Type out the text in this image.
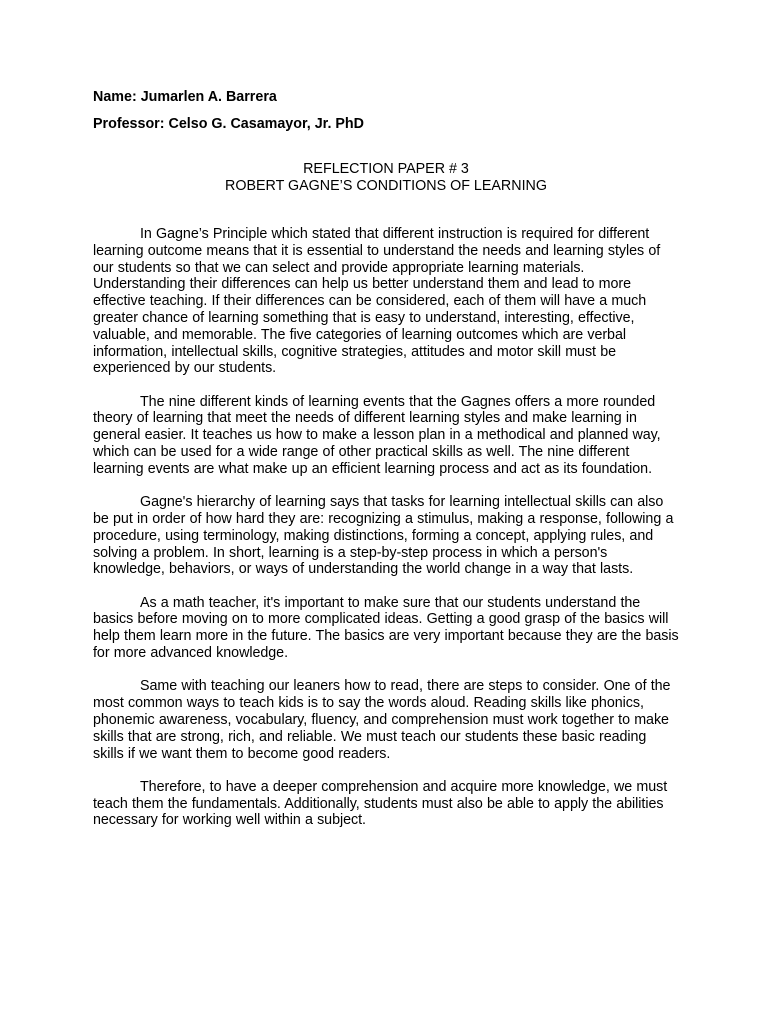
Name: Jumarlen A. Barrera

Professor: Celso G. Casamayor, Jr. PhD

REFLECTION PAPER # 3
ROBERT GAGNE’S CONDITIONS OF LEARNING

In Gagne’s Principle which stated that different instruction is required for different learning outcome means that it is essential to understand the needs and learning styles of our students so that we can select and provide appropriate learning materials. Understanding their differences can help us better understand them and lead to more effective teaching. If their differences can be considered, each of them will have a much greater chance of learning something that is easy to understand, interesting, effective, valuable, and memorable. The five categories of learning outcomes which are verbal information, intellectual skills, cognitive strategies, attitudes and motor skill must be experienced by our students.

The nine different kinds of learning events that the Gagnes offers a more rounded theory of learning that meet the needs of different learning styles and make learning in general easier. It teaches us how to make a lesson plan in a methodical and planned way, which can be used for a wide range of other practical skills as well. The nine different learning events are what make up an efficient learning process and act as its foundation.

Gagne's hierarchy of learning says that tasks for learning intellectual skills can also be put in order of how hard they are: recognizing a stimulus, making a response, following a procedure, using terminology, making distinctions, forming a concept, applying rules, and solving a problem. In short, learning is a step-by-step process in which a person's knowledge, behaviors, or ways of understanding the world change in a way that lasts.

As a math teacher, it's important to make sure that our students understand the basics before moving on to more complicated ideas. Getting a good grasp of the basics will help them learn more in the future. The basics are very important because they are the basis for more advanced knowledge.

Same with teaching our leaners how to read, there are steps to consider. One of the most common ways to teach kids is to say the words aloud. Reading skills like phonics, phonemic awareness, vocabulary, fluency, and comprehension must work together to make skills that are strong, rich, and reliable. We must teach our students these basic reading skills if we want them to become good readers.

Therefore, to have a deeper comprehension and acquire more knowledge, we must teach them the fundamentals. Additionally, students must also be able to apply the abilities necessary for working well within a subject.
